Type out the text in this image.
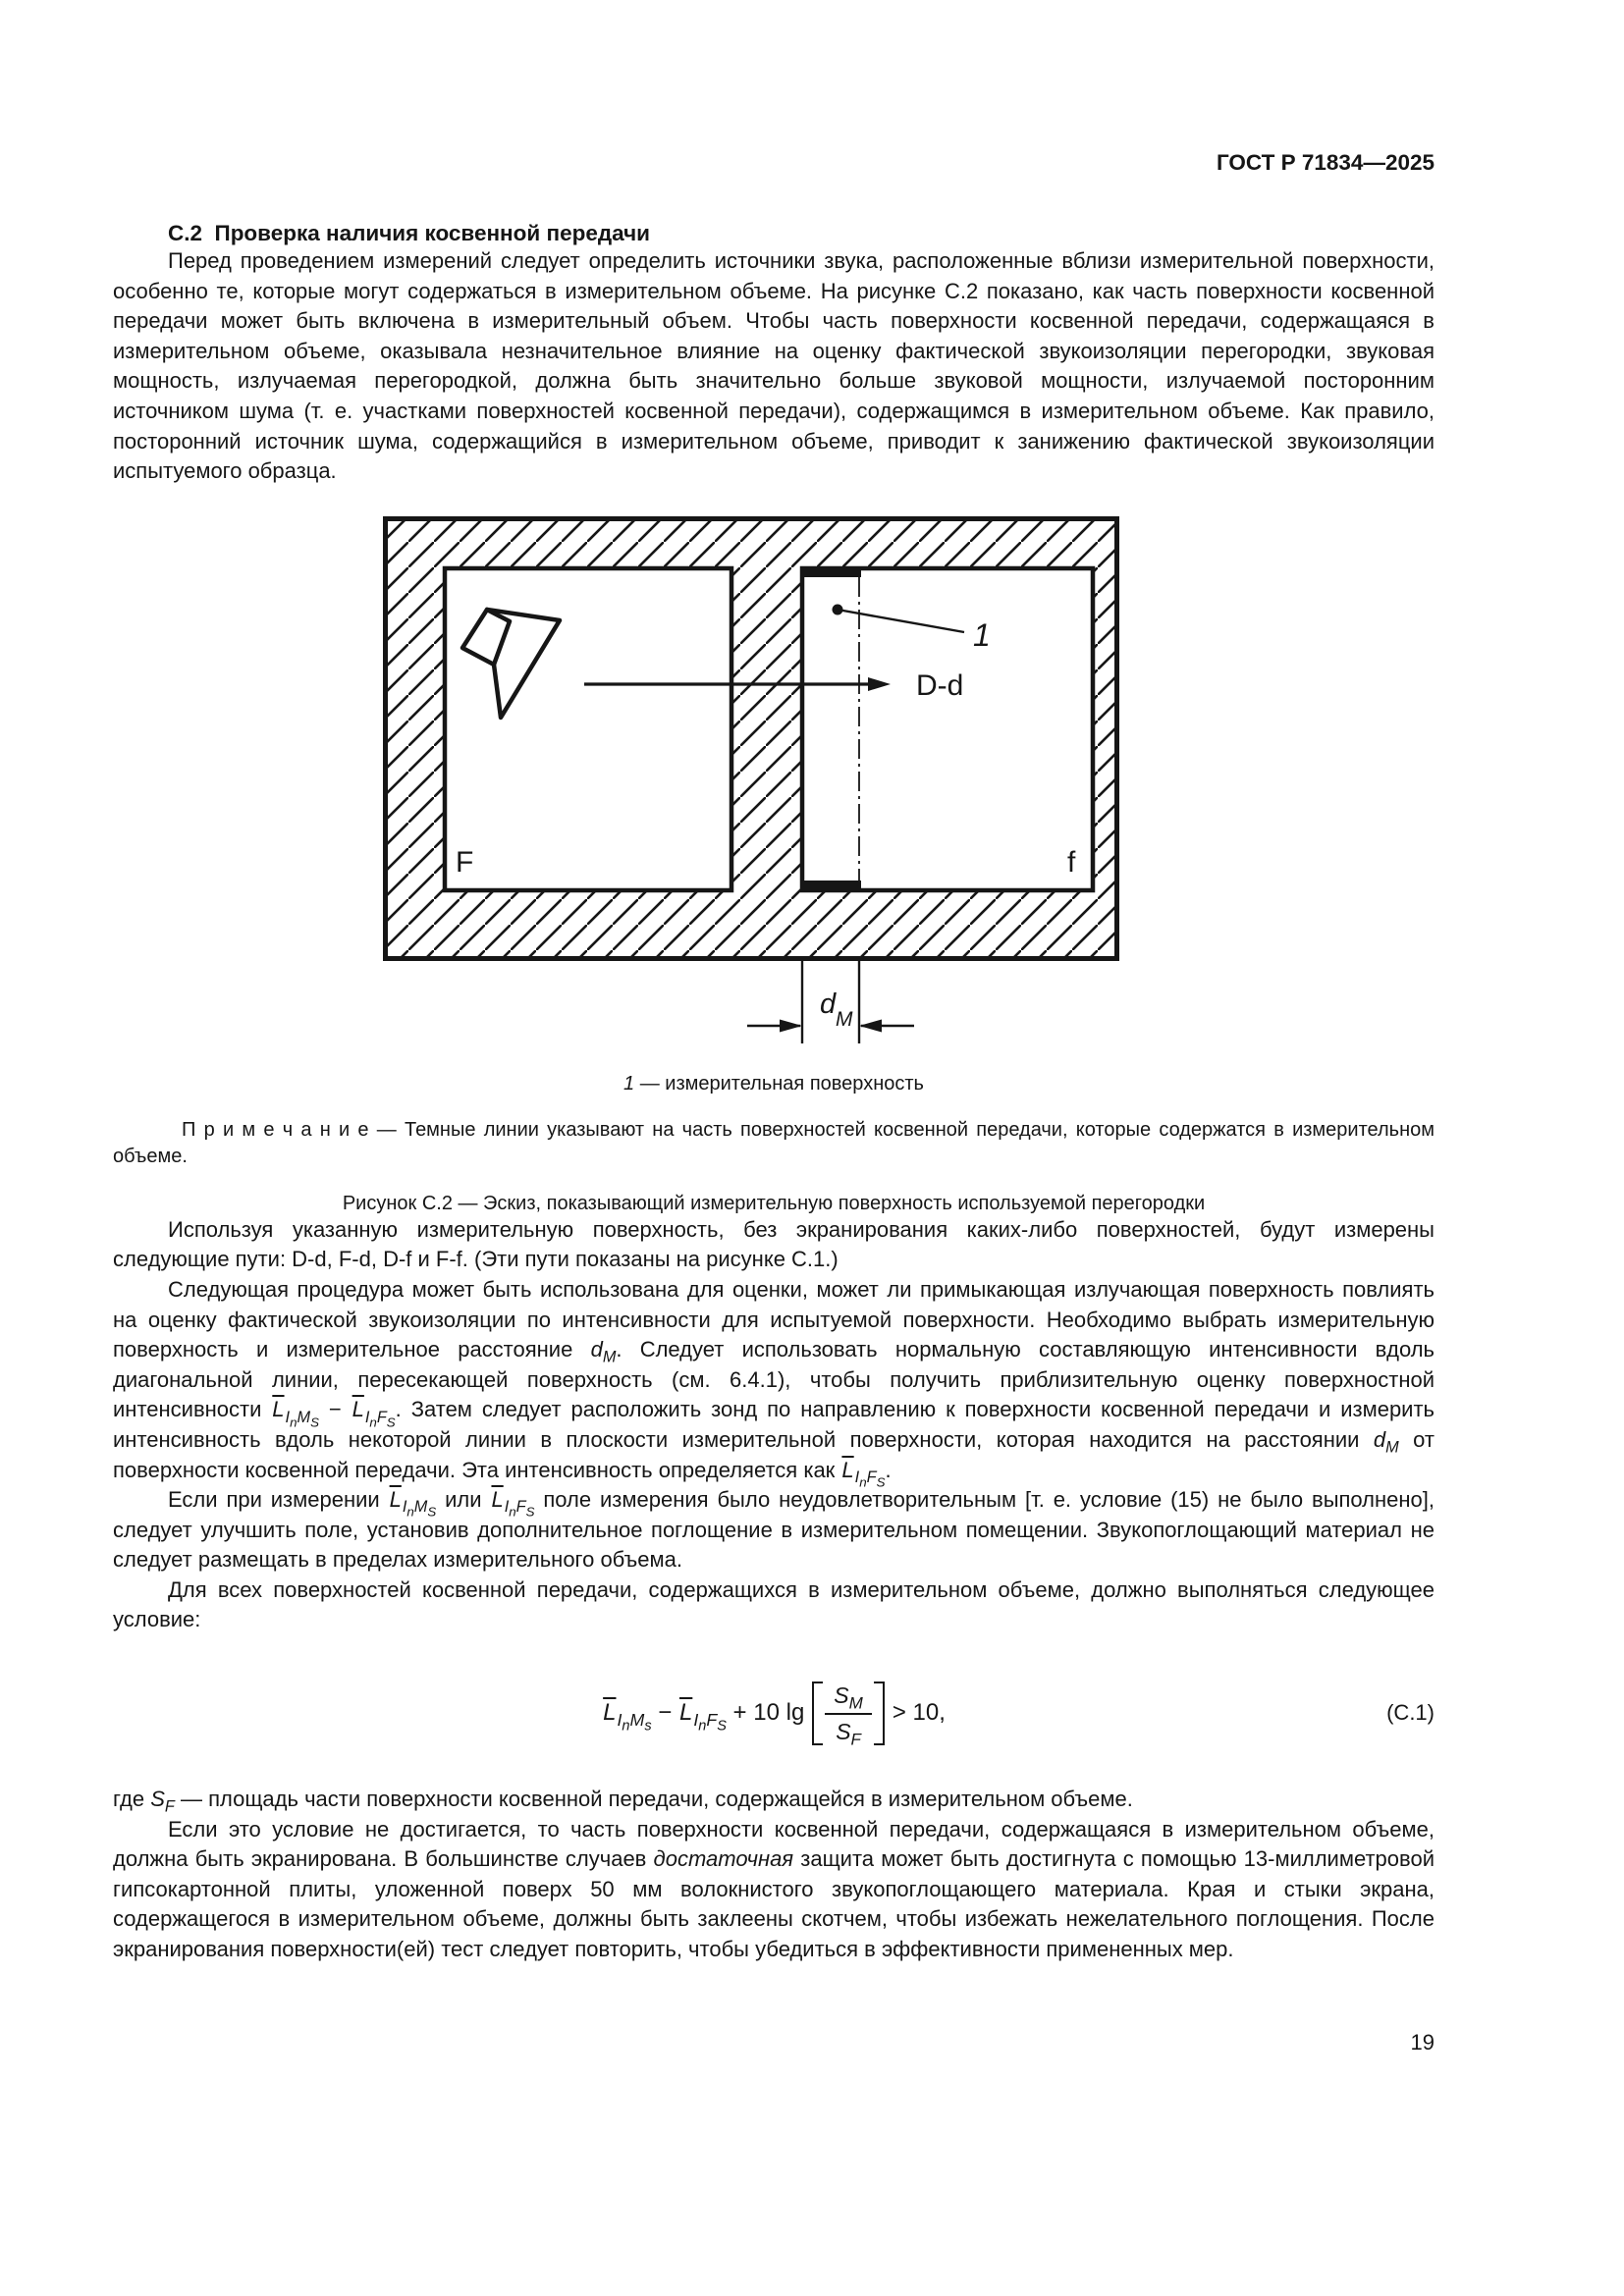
ГОСТ Р 71834—2025
С.2  Проверка наличия косвенной передачи

Перед проведением измерений следует определить источники звука, расположенные вблизи измерительной поверхности, особенно те, которые могут содержаться в измерительном объеме. На рисунке С.2 показано, как часть поверхности косвенной передачи может быть включена в измерительный объем. Чтобы часть поверхности косвенной передачи, содержащаяся в измерительном объеме, оказывала незначительное влияние на оценку фактической звукоизоляции перегородки, звуковая мощность, излучаемая перегородкой, должна быть значительно больше звуковой мощности, излучаемой посторонним источником шума (т. е. участками поверхностей косвенной передачи), содержащимся в измерительном объеме. Как правило, посторонний источник шума, содержащийся в измерительном объеме, приводит к занижению фактической звукоизоляции испытуемого образца.

D-d
1
F	f
d M
1 — измерительная поверхность

П р и м е ч а н и е — Темные линии указывают на часть поверхностей косвенной передачи, которые содержатся в измерительном объеме.

Рисунок С.2 — Эскиз, показывающий измерительную поверхность используемой перегородки

Используя указанную измерительную поверхность, без экранирования каких-либо поверхностей, будут измерены следующие пути: D-d, F-d, D-f и F-f. (Эти пути показаны на рисунке С.1.)

Следующая процедура может быть использована для оценки, может ли примыкающая излучающая поверхность повлиять на оценку фактической звукоизоляции по интенсивности для испытуемой поверхности. Необходимо выбрать измерительную поверхность и измерительное расстояние $d_M$. Следует использовать нормальную составляющую интенсивности вдоль диагональной линии, пересекающей поверхность (см. 6.4.1), чтобы получить приблизительную оценку поверхностной интенсивности $\overline{L}_{I_nM_S} - \overline{L}_{I_nF_S}$. Затем следует расположить зонд по направлению к поверхности косвенной передачи и измерить интенсивность вдоль некоторой линии в плоскости измерительной поверхности, которая находится на расстоянии $d_M$ от поверхности косвенной передачи. Эта интенсивность определяется как $\overline{L}_{I_nF_S}$.

Если при измерении $\overline{L}_{I_nM_S}$ или $\overline{L}_{I_nF_S}$ поле измерения было неудовлетворительным [т. е. условие (15) не было выполнено], следует улучшить поле, установив дополнительное поглощение в измерительном помещении. Звукопоглощающий материал не следует размещать в пределах измерительного объема.

Для всех поверхностей косвенной передачи, содержащихся в измерительном объеме, должно выполняться следующее условие:

$\overline{L}_{I_nM_s} - \overline{L}_{I_nF_S} + 10$ $\lg \frac{S_M}{S_F} > 10$,	(С.1)

где $S_F$ — площадь части поверхности косвенной передачи, содержащейся в измерительном объеме.

Если это условие не достигается, то часть поверхности косвенной передачи, содержащаяся в измерительном объеме, должна быть экранирована. В большинстве случаев достаточная защита может быть достигнута с помощью 13-миллиметровой гипсокартонной плиты, уложенной поверх 50 мм волокнистого звукопоглощающего материала. Края и стыки экрана, содержащегося в измерительном объеме, должны быть заклеены скотчем, чтобы избежать нежелательного поглощения. После экранирования поверхности(ей) тест следует повторить, чтобы убедиться в эффективности примененных мер.

19
